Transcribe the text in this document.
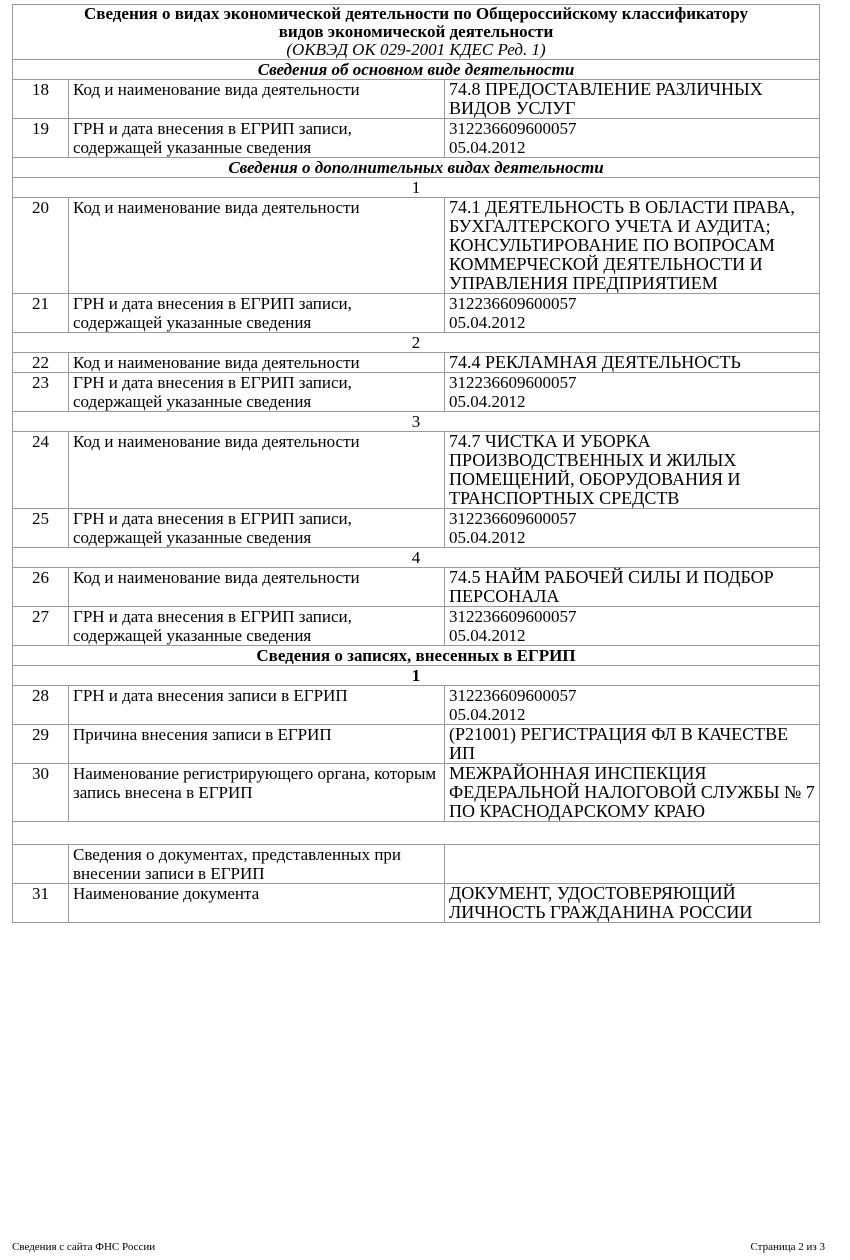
Сведения о видах экономической деятельности по Общероссийскому классификатору
видов экономической деятельности
(ОКВЭД ОК 029-2001 КДЕС Ред. 1)		

Сведения об основном виде деятельности		
18	Код и наименование вида деятельности	74.8 ПРЕДОСТАВЛЕНИЕ РАЗЛИЧНЫХ ВИДОВ УСЛУГ
19	ГРН и дата внесения в ЕГРИП записи, содержащей указанные сведения	312236609600057
05.04.2012
Сведения о дополнительных видах деятельности		
1		
20	Код и наименование вида деятельности	74.1 ДЕЯТЕЛЬНОСТЬ В ОБЛАСТИ ПРАВА, БУХГАЛТЕРСКОГО УЧЕТА И АУДИТА; КОНСУЛЬТИРОВАНИЕ ПО ВОПРОСАМ КОММЕРЧЕСКОЙ ДЕЯТЕЛЬНОСТИ И УПРАВЛЕНИЯ ПРЕДПРИЯТИЕМ
21	ГРН и дата внесения в ЕГРИП записи, содержащей указанные сведения	312236609600057
05.04.2012
2		
22	Код и наименование вида деятельности	74.4 РЕКЛАМНАЯ ДЕЯТЕЛЬНОСТЬ
23	ГРН и дата внесения в ЕГРИП записи, содержащей указанные сведения	312236609600057
05.04.2012
3		
24	Код и наименование вида деятельности	74.7 ЧИСТКА И УБОРКА ПРОИЗВОДСТВЕННЫХ И ЖИЛЫХ ПОМЕЩЕНИЙ, ОБОРУДОВАНИЯ И ТРАНСПОРТНЫХ СРЕДСТВ
25	ГРН и дата внесения в ЕГРИП записи, содержащей указанные сведения	312236609600057
05.04.2012
4		
26	Код и наименование вида деятельности	74.5 НАЙМ РАБОЧЕЙ СИЛЫ И ПОДБОР ПЕРСОНАЛА
27	ГРН и дата внесения в ЕГРИП записи, содержащей указанные сведения	312236609600057
05.04.2012
Сведения о записях, внесенных в ЕГРИП		
1		
28	ГРН и дата внесения записи в ЕГРИП	312236609600057
05.04.2012
29	Причина внесения записи в ЕГРИП	(Р21001) РЕГИСТРАЦИЯ ФЛ В КАЧЕСТВЕ ИП
30	Наименование регистрирующего органа, которым запись внесена в ЕГРИП	МЕЖРАЙОННАЯ ИНСПЕКЦИЯ ФЕДЕРАЛЬНОЙ НАЛОГОВОЙ СЛУЖБЫ № 7 ПО КРАСНОДАРСКОМУ КРАЮ

	Сведения о документах, представленных при внесении записи в ЕГРИП	
31	Наименование документа	ДОКУМЕНТ, УДОСТОВЕРЯЮЩИЙ ЛИЧНОСТЬ ГРАЖДАНИНА РОССИИ
Сведения с сайта ФНС России	Страница 2 из 3
